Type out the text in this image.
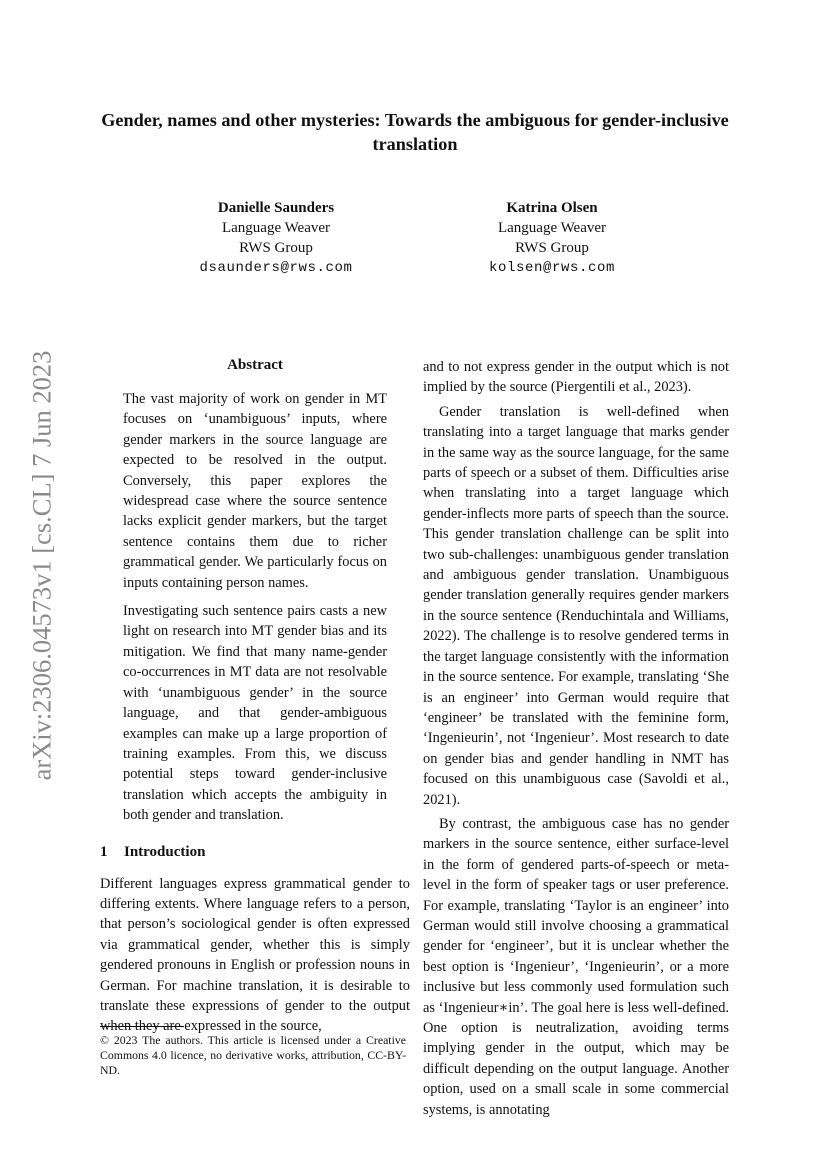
arXiv:2306.04573v1 [cs.CL] 7 Jun 2023
Gender, names and other mysteries: Towards the ambiguous for gender-inclusive translation
Danielle Saunders
Language Weaver
RWS Group
dsaunders@rws.com
Katrina Olsen
Language Weaver
RWS Group
kolsen@rws.com
Abstract

The vast majority of work on gender in MT focuses on ‘unambiguous’ inputs, where gender markers in the source language are expected to be resolved in the output. Conversely, this paper explores the widespread case where the source sentence lacks explicit gender markers, but the target sentence contains them due to richer grammatical gender. We particularly focus on inputs containing person names.

Investigating such sentence pairs casts a new light on research into MT gender bias and its mitigation. We find that many name-gender co-occurrences in MT data are not resolvable with ‘unambiguous gender’ in the source language, and that gender-ambiguous examples can make up a large proportion of training examples. From this, we discuss potential steps toward gender-inclusive translation which accepts the ambiguity in both gender and translation.

1 Introduction

Different languages express grammatical gender to differing extents. Where language refers to a person, that person’s sociological gender is often expressed via grammatical gender, whether this is simply gendered pronouns in English or profession nouns in German. For machine translation, it is desirable to translate these expressions of gender to the output when they are expressed in the source,

and to not express gender in the output which is not implied by the source (Piergentili et al., 2023).

Gender translation is well-defined when translating into a target language that marks gender in the same way as the source language, for the same parts of speech or a subset of them. Difficulties arise when translating into a target language which gender-inflects more parts of speech than the source. This gender translation challenge can be split into two sub-challenges: unambiguous gender translation and ambiguous gender translation. Unambiguous gender translation generally requires gender markers in the source sentence (Renduchintala and Williams, 2022). The challenge is to resolve gendered terms in the target language consistently with the information in the source sentence. For example, translating ‘She is an engineer’ into German would require that ‘engineer’ be translated with the feminine form, ‘Ingenieurin’, not ‘Ingenieur’. Most research to date on gender bias and gender handling in NMT has focused on this unambiguous case (Savoldi et al., 2021).

By contrast, the ambiguous case has no gender markers in the source sentence, either surface-level in the form of gendered parts-of-speech or meta-level in the form of speaker tags or user preference. For example, translating ‘Taylor is an engineer’ into German would still involve choosing a grammatical gender for ‘engineer’, but it is unclear whether the best option is ‘Ingenieur’, ‘Ingenieurin’, or a more inclusive but less commonly used formulation such as ‘Ingenieur∗in’. The goal here is less well-defined. One option is neutralization, avoiding terms implying gender in the output, which may be difficult depending on the output language. Another option, used on a small scale in some commercial systems, is annotating

© 2023 The authors. This article is licensed under a Creative Commons 4.0 licence, no derivative works, attribution, CC-BY-ND.
